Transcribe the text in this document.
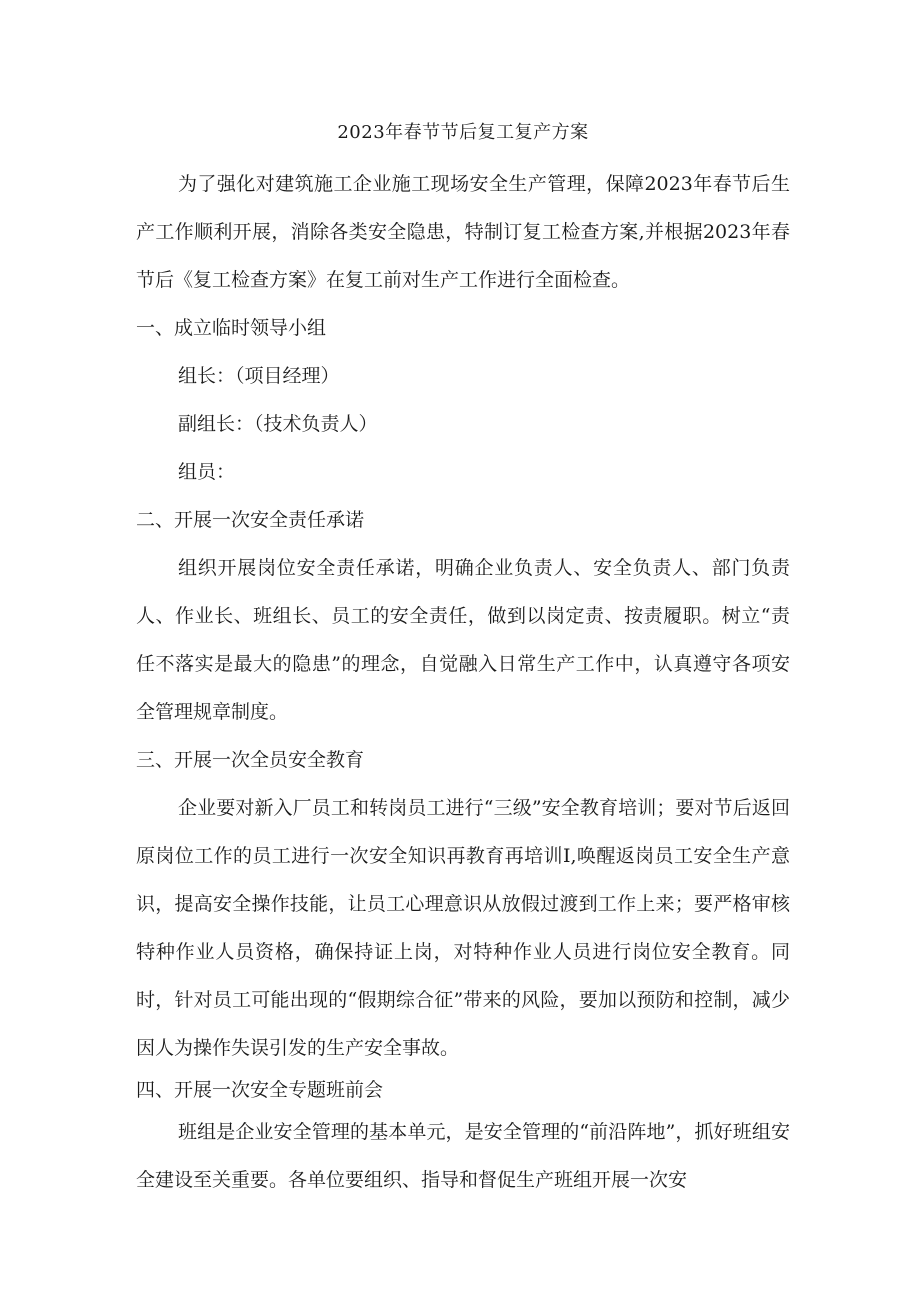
2023年春节节后复工复产方案

为了强化对建筑施工企业施工现场安全生产管理，保障2023年春节后生产工作顺利开展，消除各类安全隐患，特制订复工检查方案,并根据2023年春节后《复工检查方案》在复工前对生产工作进行全面检查。

一、成立临时领导小组

组长：（项目经理）

副组长：（技术负责人）

组员：

二、开展一次安全责任承诺

组织开展岗位安全责任承诺，明确企业负责人、安全负责人、部门负责人、作业长、班组长、员工的安全责任，做到以岗定责、按责履职。树立“责任不落实是最大的隐患”的理念，自觉融入日常生产工作中，认真遵守各项安全管理规章制度。

三、开展一次全员安全教育

企业要对新入厂员工和转岗员工进行“三级”安全教育培训；要对节后返回原岗位工作的员工进行一次安全知识再教育再培训I,唤醒返岗员工安全生产意识，提高安全操作技能，让员工心理意识从放假过渡到工作上来；要严格审核特种作业人员资格，确保持证上岗，对特种作业人员进行岗位安全教育。同时，针对员工可能出现的“假期综合征”带来的风险，要加以预防和控制，减少因人为操作失误引发的生产安全事故。

四、开展一次安全专题班前会

班组是企业安全管理的基本单元，是安全管理的“前沿阵地”，抓好班组安全建设至关重要。各单位要组织、指导和督促生产班组开展一次安
